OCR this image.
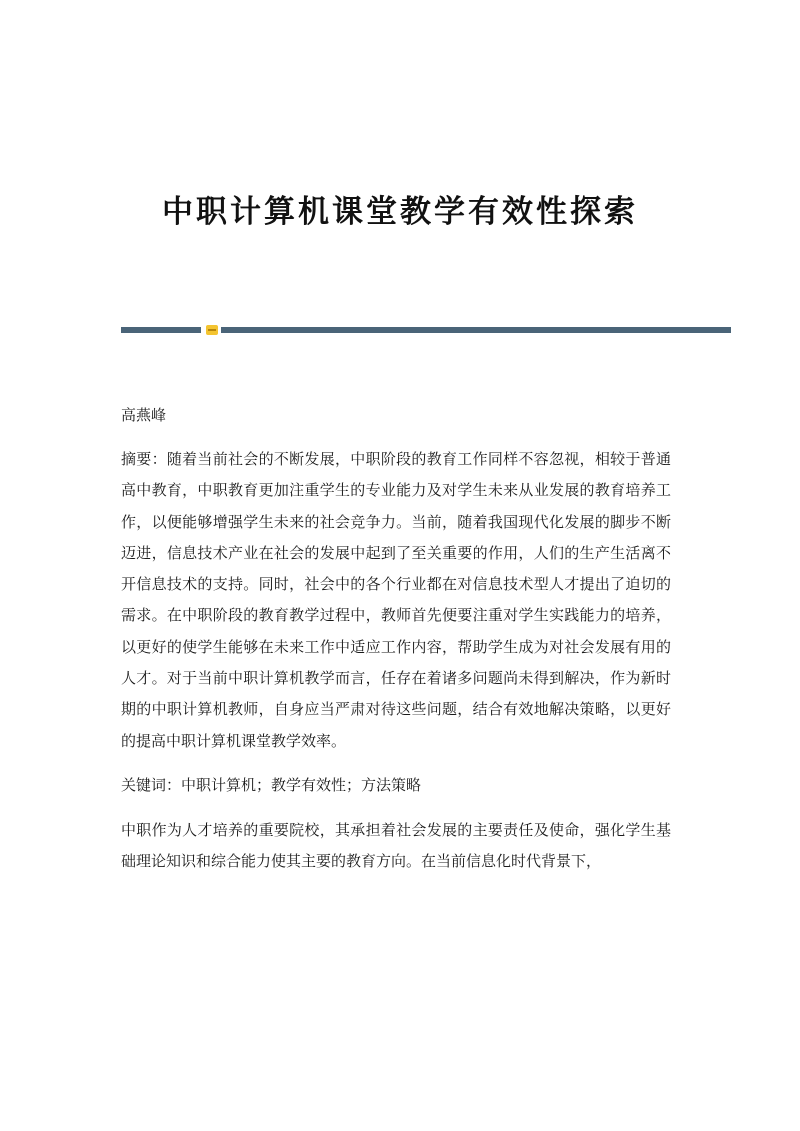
中职计算机课堂教学有效性探索

高燕峰

摘要：随着当前社会的不断发展，中职阶段的教育工作同样不容忽视，相较于普通高中教育，中职教育更加注重学生的专业能力及对学生未来从业发展的教育培养工作，以便能够增强学生未来的社会竞争力。当前，随着我国现代化发展的脚步不断迈进，信息技术产业在社会的发展中起到了至关重要的作用，人们的生产生活离不开信息技术的支持。同时，社会中的各个行业都在对信息技术型人才提出了迫切的需求。在中职阶段的教育教学过程中，教师首先便要注重对学生实践能力的培养，以更好的使学生能够在未来工作中适应工作内容，帮助学生成为对社会发展有用的人才。对于当前中职计算机教学而言，任存在着诸多问题尚未得到解决，作为新时期的中职计算机教师，自身应当严肃对待这些问题，结合有效地解决策略，以更好的提高中职计算机课堂教学效率。

关键词：中职计算机；教学有效性；方法策略

中职作为人才培养的重要院校，其承担着社会发展的主要责任及使命，强化学生基础理论知识和综合能力使其主要的教育方向。在当前信息化时代背景下，
